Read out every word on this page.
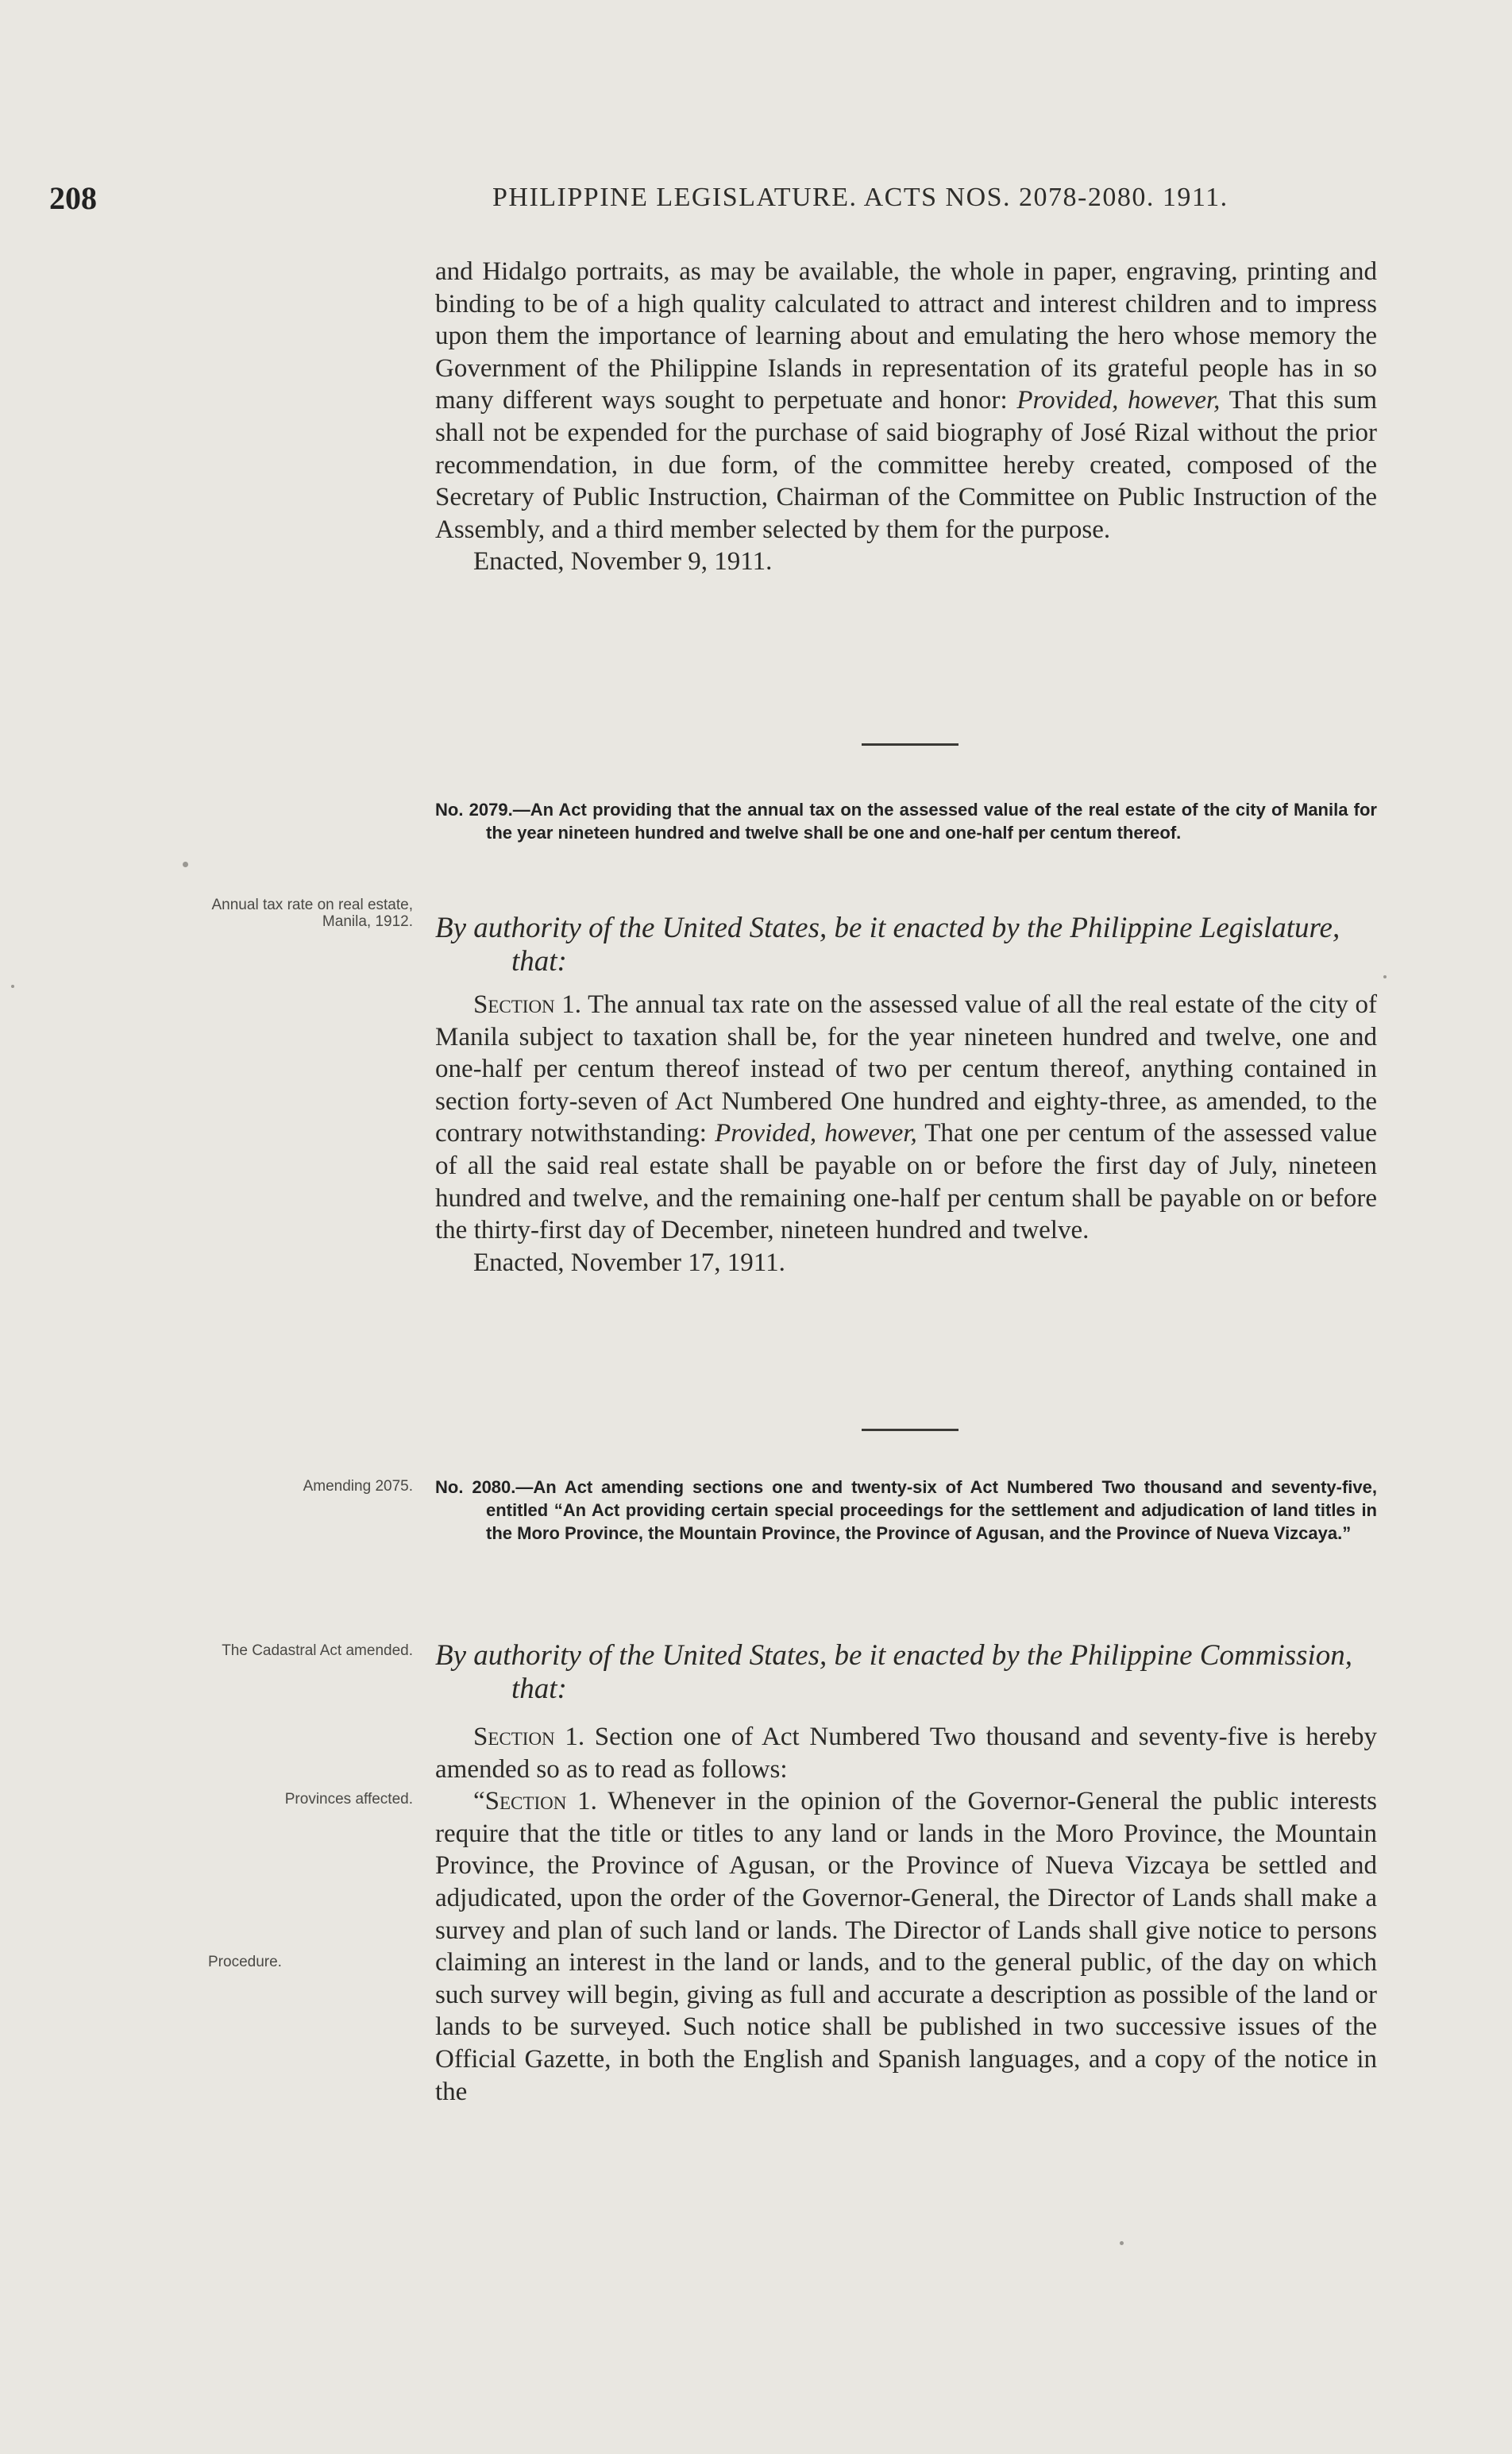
208	PHILIPPINE LEGISLATURE. ACTS NOS. 2078-2080. 1911.

and Hidalgo portraits, as may be available, the whole in paper, engraving, printing and binding to be of a high quality calculated to attract and interest children and to impress upon them the importance of learning about and emulating the hero whose memory the Government of the Philippine Islands in representation of its grateful people has in so many different ways sought to perpetuate and honor: Provided, however, That this sum shall not be expended for the purchase of said biography of José Rizal without the prior recommendation, in due form, of the committee hereby created, composed of the Secretary of Public Instruction, Chairman of the Committee on Public Instruction of the Assembly, and a third member selected by them for the purpose.

Enacted, November 9, 1911.

No. 2079.—An Act providing that the annual tax on the assessed value of the real estate of the city of Manila for the year nineteen hundred and twelve shall be one and one-half per centum thereof.
Annual tax rate on real estate, Manila, 1912. By authority of the United States, be it enacted by the Philippine Legislature, that:

Section 1. The annual tax rate on the assessed value of all the real estate of the city of Manila subject to taxation shall be, for the year nineteen hundred and twelve, one and one-half per centum thereof instead of two per centum thereof, anything contained in section forty-seven of Act Numbered One hundred and eighty-three, as amended, to the contrary notwithstanding: Provided, however, That one per centum of the assessed value of all the said real estate shall be payable on or before the first day of July, nineteen hundred and twelve, and the remaining one-half per centum shall be payable on or before the thirty-first day of December, nineteen hundred and twelve.

Enacted, November 17, 1911.

Amending 2075. No. 2080.—An Act amending sections one and twenty-six of Act Numbered Two thousand and seventy-five, entitled “An Act providing certain special proceedings for the settlement and adjudication of land titles in the Moro Province, the Mountain Province, the Province of Agusan, and the Province of Nueva Vizcaya.”
The Cadastral Act amended. By authority of the United States, be it enacted by the Philippine Commission, that:

Section 1. Section one of Act Numbered Two thousand and seventy-five is hereby amended so as to read as follows:

“Section 1. Whenever in the opinion of the Governor-General the public interests require that the title or titles to any land or lands in the Moro Province, the Mountain Province, the Province of Agusan, or the Province of Nueva Vizcaya be settled and adjudicated, upon the order of the Governor-General, the Director of Lands shall make a survey and plan of such land or lands. The Director of Lands shall give notice to persons claiming an interest in the land or lands, and to the general public, of the day on which such survey will begin, giving as full and accurate a description as possible of the land or lands to be surveyed. Such notice shall be published in two successive issues of the Official Gazette, in both the English and Spanish languages, and a copy of the notice in the

Provinces affected.
Procedure.
